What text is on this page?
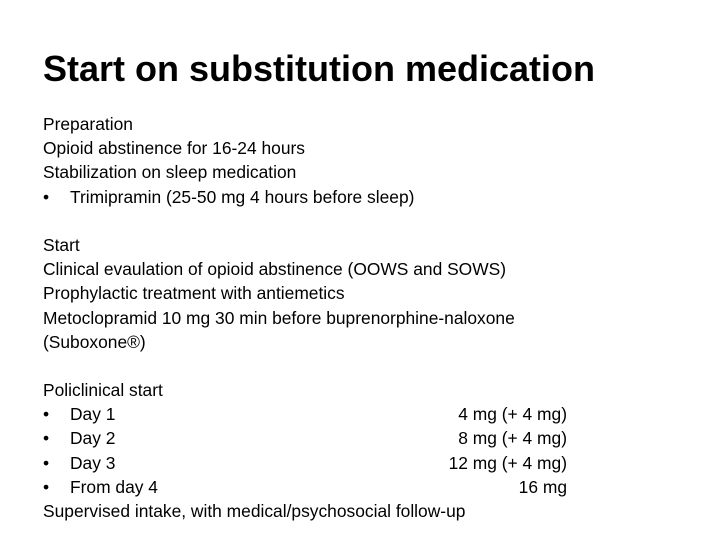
Start on substitution medication
Preparation
Opioid abstinence for 16-24 hours
Stabilization on sleep medication
• Trimipramin (25-50 mg 4 hours before sleep)
Start
Clinical evaulation of opioid abstinence (OOWS and SOWS)
Prophylactic treatment with antiemetics
Metoclopramid 10 mg 30 min before buprenorphine-naloxone (Suboxone®)
Policlinical start
• Day 1	4 mg (+ 4 mg)
• Day 2	8 mg (+ 4 mg)
• Day 3	12 mg (+ 4 mg)
• From day 4	16 mg
Supervised intake, with medical/psychosocial follow-up
